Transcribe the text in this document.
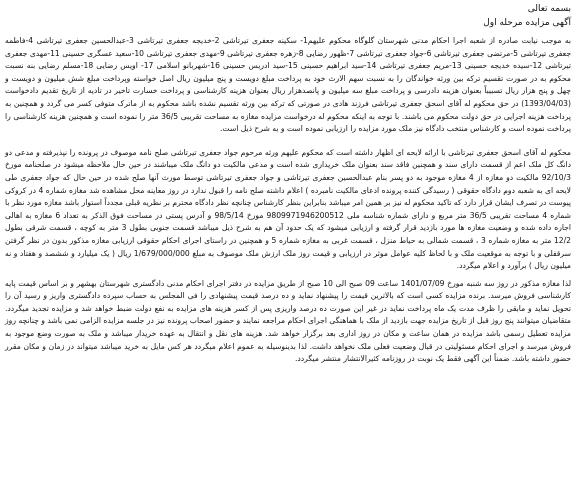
بسمه تعالی

آگهی مزایده مرحله اول

به موجب نیابت صادره از شعبه اجرا احکام مدنی شهرستان گلوگاه محکوم علیهم1- سکینه جعفری تیرتاشی 2-خدیجه جعفری تیرتاشی 3-عبدالحسین جعفری تیرتاشی 4-فاطمه جعفری تیرتاشی 5-مرتضی جعفری تیرتاشی 6-جواد جعفری تیرتاشی 7-ظهور رضایی 8-زهره جعفری تیرتاشی 9-مهدی جعفری تیرتاشی 10-سعید عسگری حسینی 11-مهدی جعفری تیرتاشی 12-سیده خدیجه حسینی 13-مریم جعفری تیرتاشی 14-سید ابراهیم حسینی 15-سید ادریس حسینی 16-شهربانو اسلامی 17- اویس رضایی 18-مسلم رضایی بنه نسبت محکوم به در صورت تقسیم ترکه بین ورثه خواندگان را به نسبت سهم الارث خود به پرداخت مبلغ دویست و پنج میلیون ریال اصل خواسته وپرداخت مبلغ شش میلیون و دویست و چهل و پنج هزار ریال تسبیباً بعنوان هزینه دادرسی و پرداخت مبلغ سه میلیون و پانصدهزار ریال بعنوان هزینه کارشناسی و پرداخت خسارت تاخیر در تادیه از تاریخ تقدیم دادخواست (1393/04/03) در حق محکوم له آقای اسحق جعفری تیرتاشی فرزند هادی در صورتی که ترکه بین ورثه تقسیم نشده باشد محکوم به از ماترک متوفی کسر می گردد و همچنین به پرداخت هزینه اجرایی در حق دولت محکوم می باشند. با توجه به اینکه محکوم له درخواست مزایده مغازه به مساحت تقریبی 36/5 متر را نموده است و همچنین هزینه کارشناسی را پرداخت نموده است و کارشناس منتخب دادگاه نیز ملک مورد مزایده را ارزیابی نموده است و به شرح ذیل است.

محکوم له آقای اسحق جعفری تیرتاشی با ارائه لایحه ای اظهار داشته است که محکوم علیهم ورثه مرحوم جواد جعفری تیرتاشی صلح نامه موصوف در پرونده را نپذیرفته و مدعی دو دانگ کل ملک اعم از قسمت دارای سند و همچنین فاقد سند بعنوان ملک خریداری شده است و مدعی مالکیت دو دانگ ملک میباشند در حین حال ملاحظه میشود در صلحنامه مورخ 92/10/3 مالکیت دو مغازه از 4 مغازه موجود به دو پسر بنام عبدالحسین جعفری تیرتاشی و جواد جعفری تیرتاشی توسط مورث آنها صلح شده در حین حال که جواد جعفری طی لایحه ای به شعبه دوم دادگاه حقوقی ( رسیدگی کننده پرونده ادعای مالکیت نامبرده ) اعلام داشته صلح نامه را قبول ندارد در روز معاینه محل مشاهده شد مغازه شماره 4 در کروکی پیوست در تصرف ایشان قرار دارد که تاکید محکوم له نیز بر همین امر میباشد بنابراین بنظر کارشناس چنانچه نظر دادگاه محترم بر نظریه قبلی مجدداً استوار باشد مغازه مورد نظر با شماره 4 مساحت تقریبی 36/5 متر مربع و دارای شماره شناسه ملی 9809971946200512 مورخ 98/5/14 و آدرس پستی در مساحت فوق الذکر به تعداد 6 مغازه به اهالی اجاره داده شده و وضعیت مغازه ها مورد بازدید قرار گرفته و ارزیابی میشود که یک حدود آن هم به شرح ذیل میباشد قسمت جنوبی بطول 3 متر به کوچه ، قسمت شرقی بطول 12/2 متر به مغازه شماره 3 ، قسمت شمالی به حیاط منزل ، قسمت غربی به مغازه شماره 5 و همچنین در راستای اجرای احکام حقوقی ارزیابی مغازه مذکور بدون در نظر گرفتن سرقفلی و با توجه به موقعیت ملک و با لحاظ کلیه عوامل موثر در ارزیابی و قیمت روز ملک ارزش ملک موصوف به مبلغ 1/679/000/000 ریال ( یک میلیارد و ششصد و هفتاد و نه میلیون ریال ) برآورد و اعلام میگردد.

لذا مغازه مذکور در روز سه شنبه مورخ 1401/07/09 ساعت 09 صبح الی 10 صبح از طریق مزایده در دفتر اجرای احکام مدنی دادگستری شهرستان بهشهر و بر اساس قیمت پایه کارشناسی فروش میرسد. برنده مزایده کسی است که بالاترین قیمت را پیشنهاد نماید و ده درصد قیمت پیشنهادی را فی المجلس به حساب سپرده دادگستری واریز و رسید آن را تحویل نماید و مابقی را ظرف مدت یک ماه پرداخت نماید در غیر این صورت ده درصد واریزی پس از کسر هزینه های مزایده به نفع دولت ضبط خواهد شد و مزایده تجدید میگردد. متقاضیان میتوانند پنج روز قبل از تاریخ مزایده جهت بازدید از ملک با هماهنگی اجرای احکام مراجعه نمایند و حضور اصحاب پرونده نیز در جلسه مزایده الزامی نمی باشد و چنانچه روز مزایده تعطیل رسمی باشد مزایده در همان ساعت و مکان در روز اداری بعد برگزار خواهد شد. هزینه های نقل و انتقال به عهده خریدار میباشد و ملک به صورت وضع موجود به فروش میرسد و اجرای احکام مسئولیتی در قبال وضعیت فعلی ملک نخواهد داشت. لذا بدینوسیله به عموم اعلام میگردد هر کس مایل به خرید میباشد میتواند در زمان و مکان مقرر حضور داشته باشد. ضمناً این آگهی فقط یک نوبت در روزنامه کثیرالانتشار منتشر میگردد.
